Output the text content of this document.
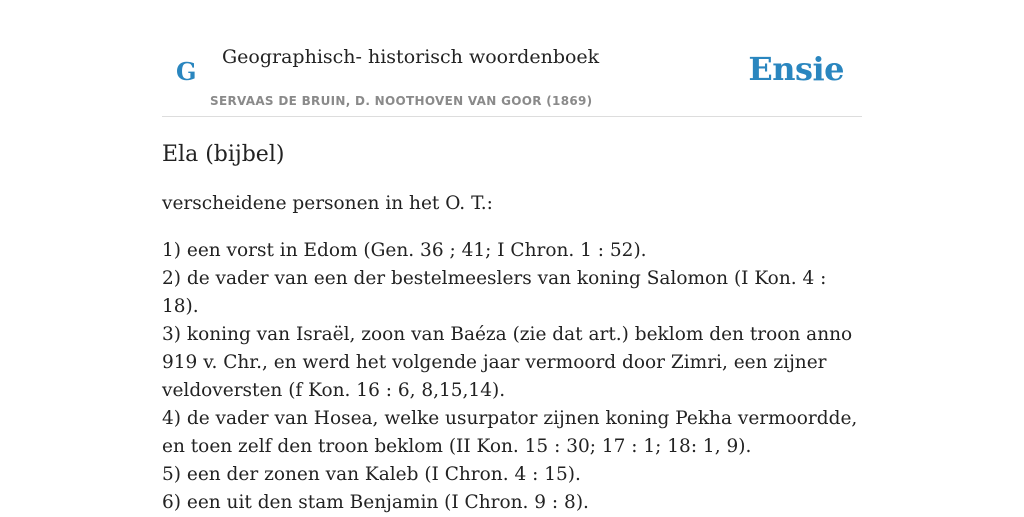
G Geographisch- historisch woordenboek
SERVAAS DE BRUIN, D. NOOTHOVEN VAN GOOR (1869)
Ensie
Ela (bijbel)

verscheidene personen in het O. T.:

1) een vorst in Edom (Gen. 36 ; 41; I Chron. 1 : 52).
2) de vader van een der bestelmeeslers van koning Salomon (I Kon. 4 : 18).
3) koning van Israël, zoon van Baéza (zie dat art.) beklom den troon anno 919 v. Chr., en werd het volgende jaar vermoord door Zimri, een zijner veldoversten (f Kon. 16 : 6, 8,15,14).
4) de vader van Hosea, welke usurpator zijnen koning Pekha vermoordde, en toen zelf den troon beklom (II Kon. 15 : 30; 17 : 1; 18: 1, 9).
5) een der zonen van Kaleb (I Chron. 4 : 15).
6) een uit den stam Benjamin (I Chron. 9 : 8).
